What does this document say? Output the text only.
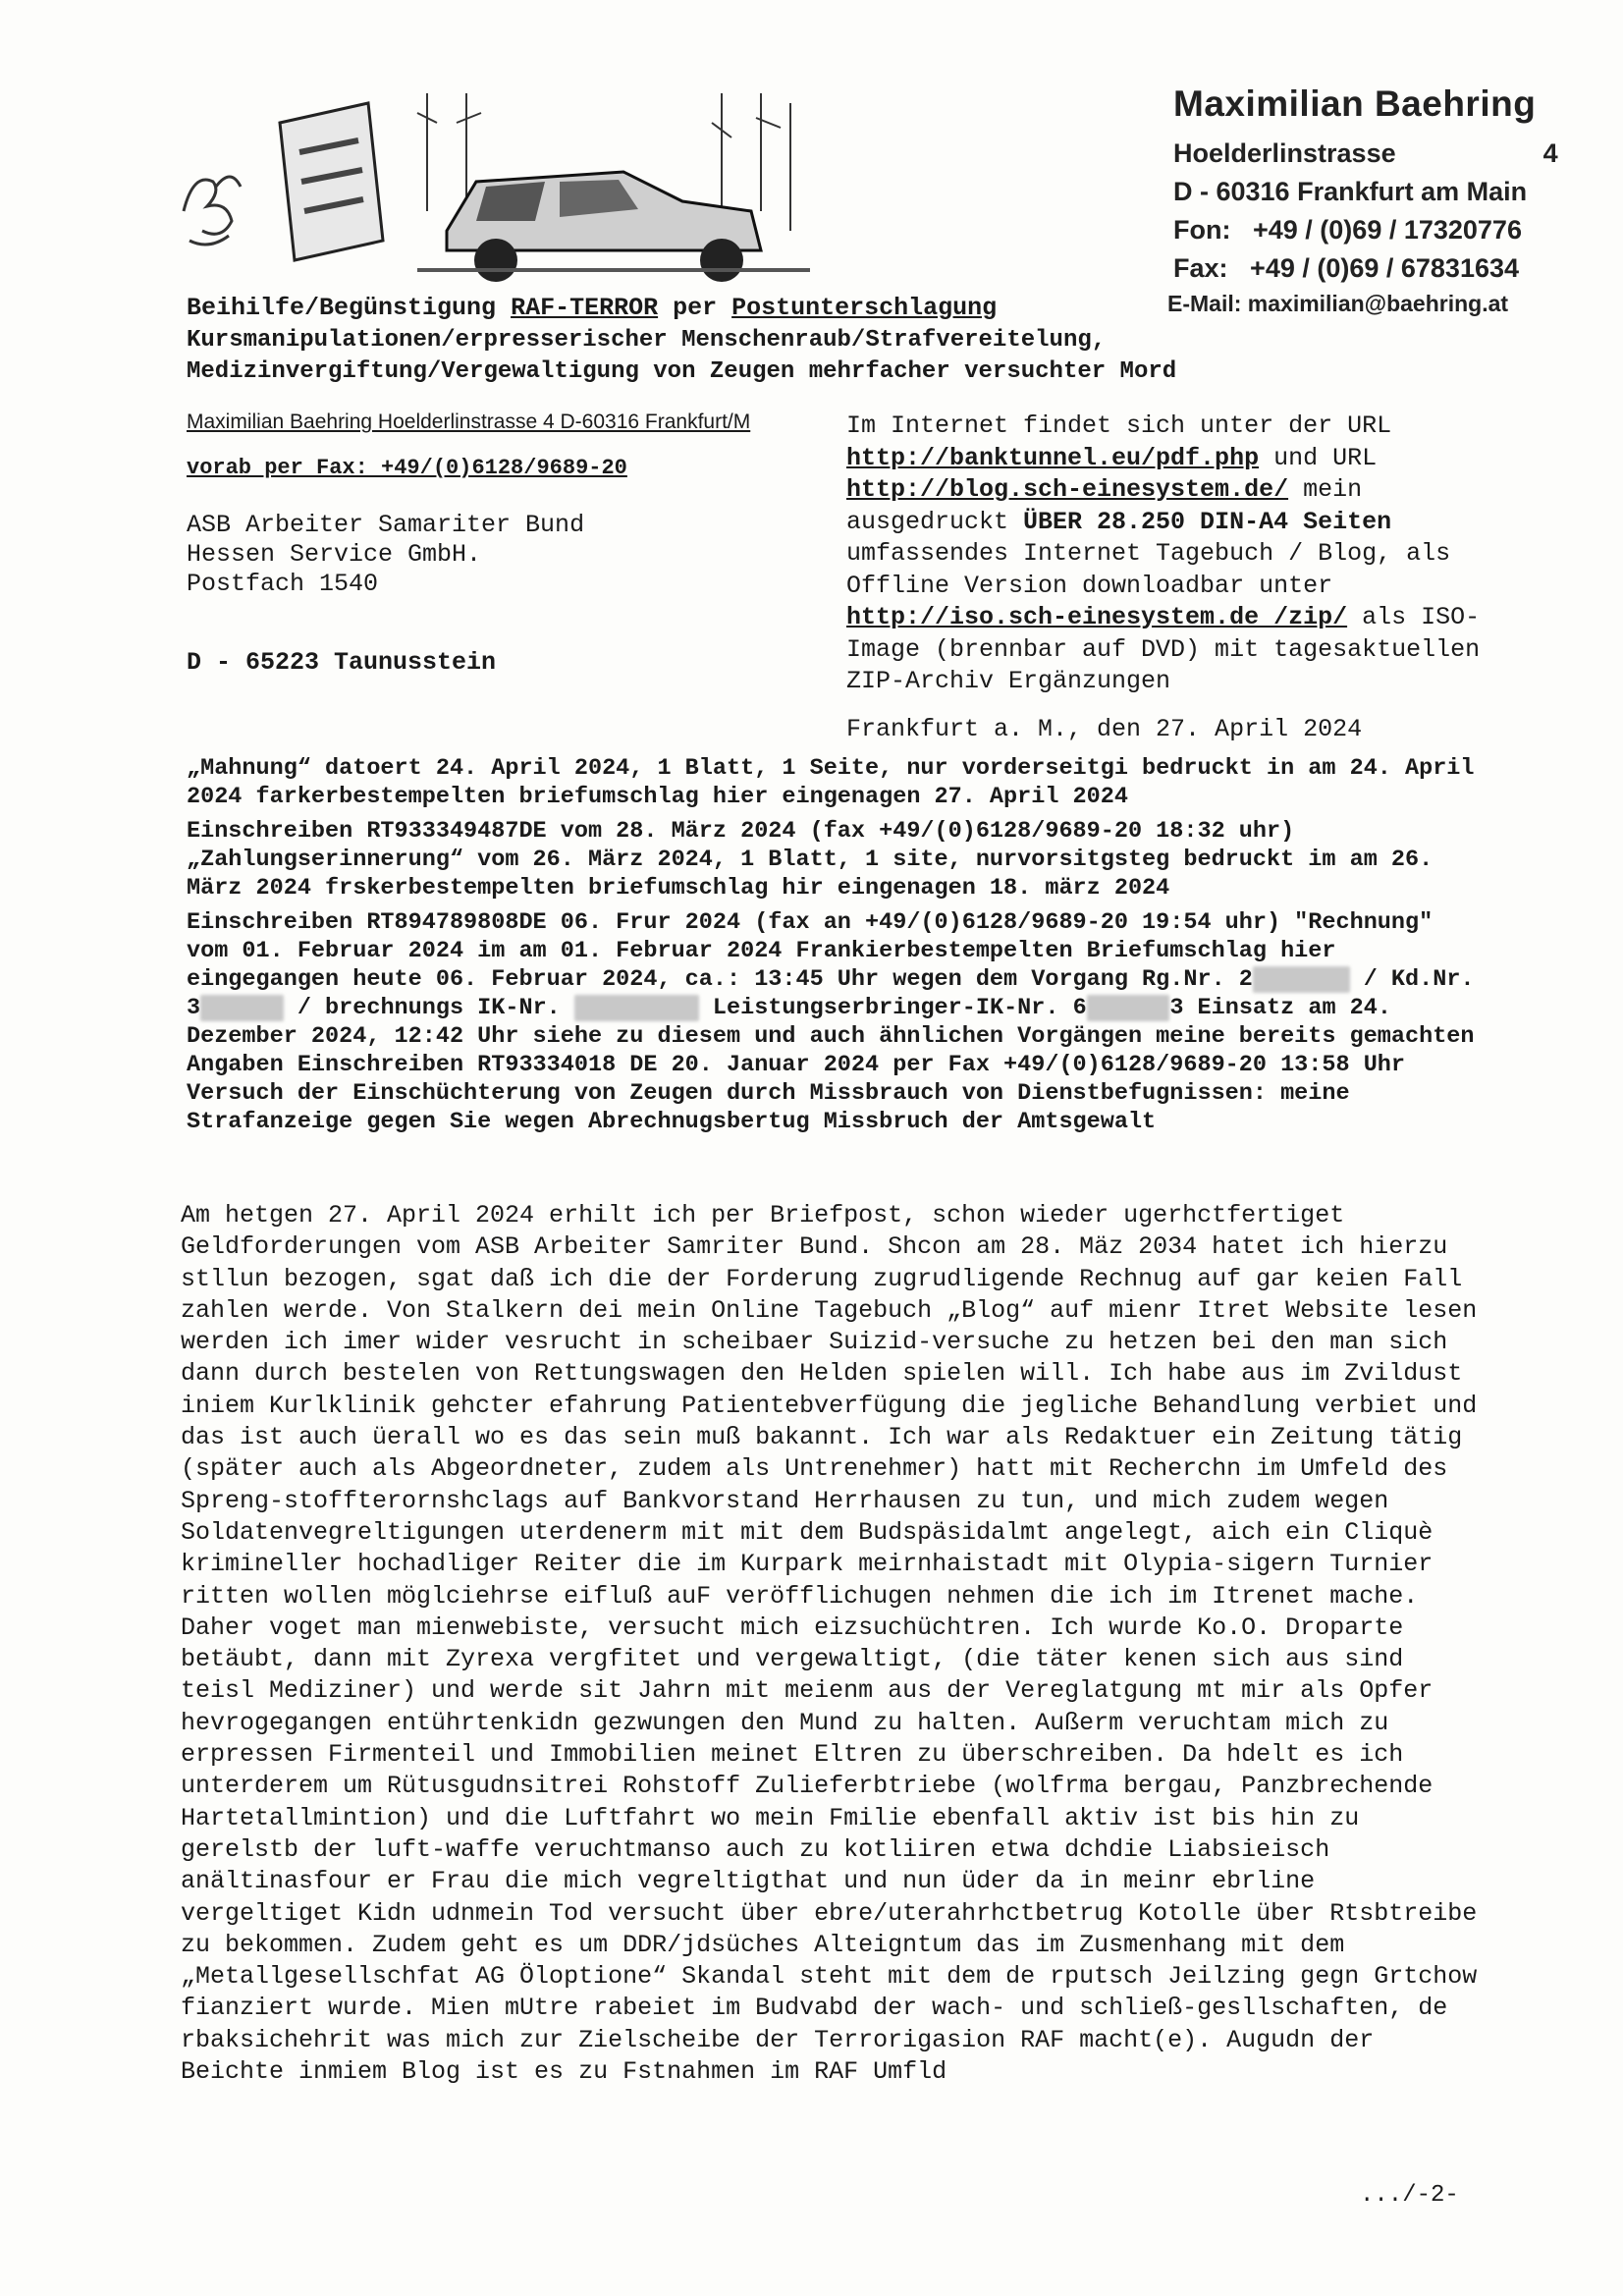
Maximilian Baehring
Hoelderlinstrasse	4
D - 60316 Frankfurt am Main
Fon: +49 / (0)69 / 17320776
Fax: +49 / (0)69 / 67831634
E-Mail: maximilian@baehring.at
Beihilfe/Begünstigung RAF-TERROR per Postunterschlagung Kursmanipulationen/erpresserischer Menschenraub/Strafvereitelung, Medizinvergiftung/Vergewaltigung von Zeugen mehrfacher versuchter Mord
Maximilian Baehring Hoelderlinstrasse 4 D-60316 Frankfurt/M
vorab per Fax: +49/(0)6128/9689-20
ASB Arbeiter Samariter Bund
Hessen Service GmbH.
Postfach 1540
D - 65223 Taunusstein
Im Internet findet sich unter der URL http://banktunnel.eu/pdf.php und URL http://blog.sch-einesystem.de/ mein ausgedruckt ÜBER 28.250 DIN-A4 Seiten umfassendes Internet Tagebuch / Blog, als Offline Version downloadbar unter http://iso.sch-einesystem.de /zip/ als ISO-Image (brennbar auf DVD) mit tagesaktuellen ZIP-Archiv Ergänzungen
Frankfurt a. M., den 27. April 2024
„Mahnung“ datoert 24. April 2024, 1 Blatt, 1 Seite, nur vorderseitgi bedruckt in am 24. April 2024 farkerbestempelten briefumschlag hier eingenagen 27. April 2024
Einschreiben RT933349487DE vom 28. März 2024 (fax +49/(0)6128/9689-20 18:32 uhr) „Zahlungserinnerung“ vom 26. März 2024, 1 Blatt, 1 site, nurvorsitgsteg bedruckt im am 26. März 2024 frskerbestempelten briefumschlag hir eingenagen 18. märz 2024
Einschreiben RT894789808DE 06. Frur 2024 (fax an +49/(0)6128/9689-20 19:54 uhr) "Rechnung" vom 01. Februar 2024 im am 01. Februar 2024 Frankierbestempelten Briefumschlag hier eingegangen heute 06. Februar 2024, ca.: 13:45 Uhr wegen dem Vorgang Rg.Nr. 2	/ Kd.Nr. 3	/ brechnungs IK-Nr.	Leistungserbringer-IK-Nr. 6	3 Einsatz am 24. Dezember 2024, 12:42 Uhr siehe zu diesem und auch ähnlichen Vorgängen meine bereits gemachten Angaben Einschreiben RT93334018 DE 20. Januar 2024 per Fax +49/(0)6128/9689-20 13:58 Uhr Versuch der Einschüchterung von Zeugen durch Missbrauch von Dienstbefugnissen: meine Strafanzeige gegen Sie wegen Abrechnugsbertug Missbruch der Amtsgewalt
Am hetgen 27. April 2024 erhilt ich per Briefpost, schon wieder ugerhctfertiget Geldforderungen vom ASB Arbeiter Samriter Bund. Shcon am 28. Mäz 2034 hatet ich hierzu stllun bezogen, sgat daß ich die der Forderung zugrudligende Rechnug auf gar keien Fall zahlen werde. Von Stalkern dei mein Online Tagebuch „Blog“ auf mienr Itret Website lesen werden ich imer wider vesrucht in scheibaer Suizid-versuche zu hetzen bei den man sich dann durch bestelen von Rettungswagen den Helden spielen will. Ich habe aus im Zvildust iniem Kurlklinik gehcter efahrung Patientebverfügung die jegliche Behandlung verbiet und das ist auch üerall wo es das sein muß bakannt. Ich war als Redaktuer ein Zeitung tätig (später auch als Abgeordneter, zudem als Untrenehmer) hatt mit Recherchn im Umfeld des Spreng-stoffterornshclags auf Bankvorstand Herrhausen zu tun, und mich zudem wegen Soldatenvegreltigungen uterdenerm mit mit dem Budspäsidalmt angelegt, aich ein Cliquè krimineller hochadliger Reiter die im Kurpark meirnhaistadt mit Olypia-sigern Turnier ritten wollen möglciehrse eifluß auF veröfflichugen nehmen die ich im Itrenet mache. Daher voget man mienwebiste, versucht mich eizsuchüchtren. Ich wurde Ko.O. Droparte betäubt, dann mit Zyrexa vergfitet und vergewaltigt, (die täter kenen sich aus sind teisl Mediziner) und werde sit Jahrn mit meienm aus der Vereglatgung mt mir als Opfer hevrogegangen entührtenkidn gezwungen den Mund zu halten. Außerm veruchtam mich zu erpressen Firmenteil und Immobilien meinet Eltren zu überschreiben. Da hdelt es ich unterderem um Rütusgudnsitrei Rohstoff Zulieferbtriebe (wolfrma bergau, Panzbrechende Hartetallmintion) und die Luftfahrt wo mein Fmilie ebenfall aktiv ist bis hin zu gerelstb der luft-waffe veruchtmanso auch zu kotliiren etwa dchdie Liabsieisch anältinasfour er Frau die mich vegreltigthat und nun üder da in meinr ebrline vergeltiget Kidn udnmein Tod versucht über ebre/uterahrhctbetrug Kotolle über Rtsbtreibe zu bekommen. Zudem geht es um DDR/jdsüches Alteigntum das im Zusmenhang mit dem „Metallgesellschfat AG Öloptione“ Skandal steht mit dem de rputsch Jeilzing gegn Grtchow fianziert wurde. Mien mUtre rabeiet im Budvabd der wach- und schließ-gesllschaften, de rbaksichehrit was mich zur Zielscheibe der Terrorigasion RAF macht(e). Augudn der Beichte inmiem Blog ist es zu Fstnahmen im RAF Umfld
.../-2-
